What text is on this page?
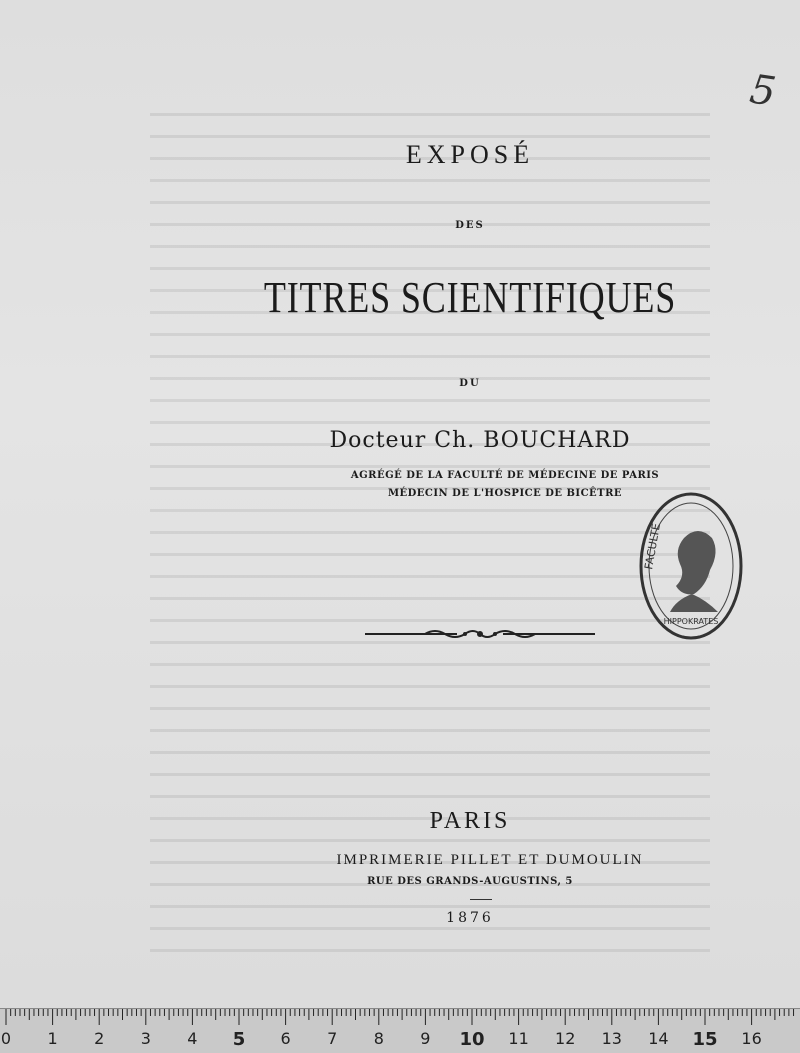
5
EXPOSÉ
DES
TITRES SCIENTIFIQUES
DU
Docteur Ch. BOUCHARD
AGRÉGÉ DE LA FACULTÉ DE MÉDECINE DE PARIS
MÉDECIN DE L'HOSPICE DE BICÊTRE
FACULTÉ
HIPPOKRATES
PARIS
IMPRIMERIE PILLET ET DUMOULIN
RUE DES GRANDS-AUGUSTINS, 5
1876
0 1 2 3 4 5 6 7 8 9 10 11 12 13 14 15 16
